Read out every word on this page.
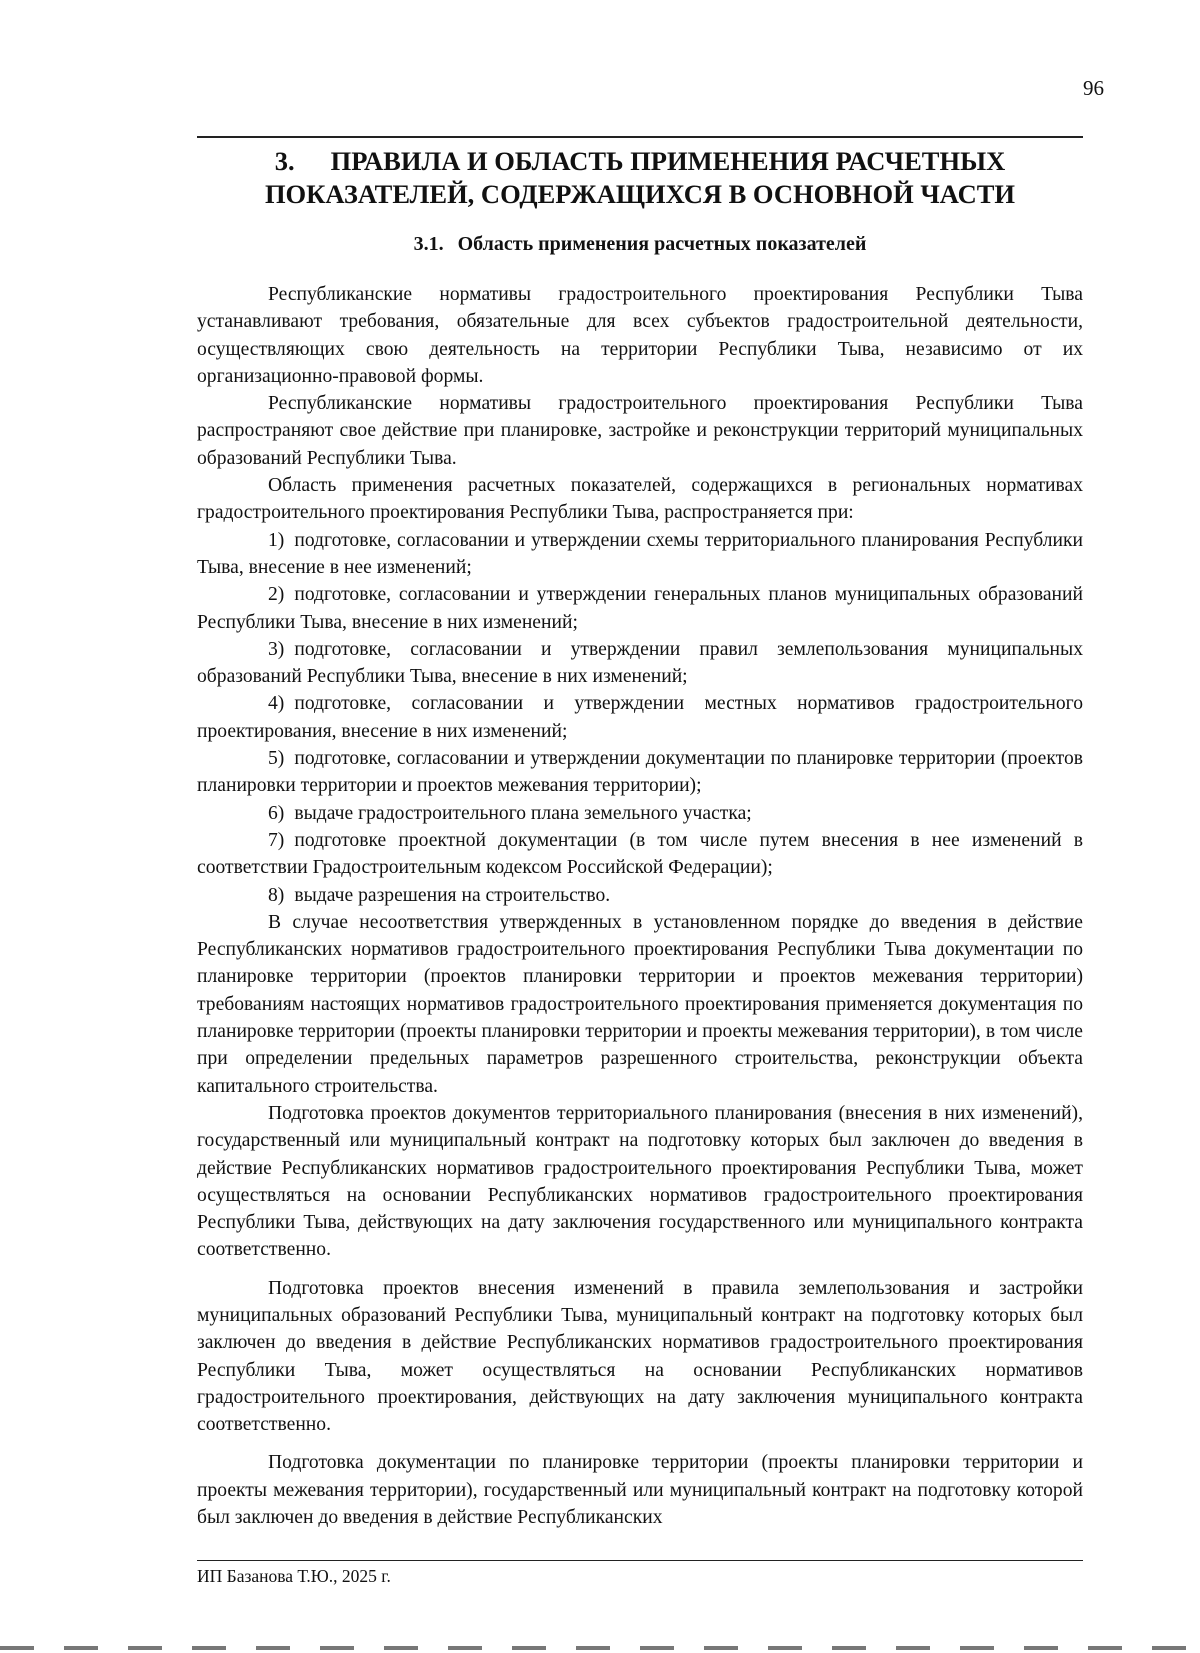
96
3. ПРАВИЛА И ОБЛАСТЬ ПРИМЕНЕНИЯ РАСЧЕТНЫХ ПОКАЗАТЕЛЕЙ, СОДЕРЖАЩИХСЯ В ОСНОВНОЙ ЧАСТИ
3.1. Область применения расчетных показателей

Республиканские нормативы градостроительного проектирования Республики Тыва устанавливают требования, обязательные для всех субъектов градостроительной деятельности, осуществляющих свою деятельность на территории Республики Тыва, независимо от их организационно-правовой формы.

Республиканские нормативы градостроительного проектирования Республики Тыва распространяют свое действие при планировке, застройке и реконструкции территорий муниципальных образований Республики Тыва.

Область применения расчетных показателей, содержащихся в региональных нормативах градостроительного проектирования Республики Тыва, распространяется при:

1) подготовке, согласовании и утверждении схемы территориального планирования Республики Тыва, внесение в нее изменений;

2) подготовке, согласовании и утверждении генеральных планов муниципальных образований Республики Тыва, внесение в них изменений;

3) подготовке, согласовании и утверждении правил землепользования муниципальных образований Республики Тыва, внесение в них изменений;

4) подготовке, согласовании и утверждении местных нормативов градостроительного проектирования, внесение в них изменений;

5) подготовке, согласовании и утверждении документации по планировке территории (проектов планировки территории и проектов межевания территории);

6) выдаче градостроительного плана земельного участка;

7) подготовке проектной документации (в том числе путем внесения в нее изменений в соответствии Градостроительным кодексом Российской Федерации);

8) выдаче разрешения на строительство.

В случае несоответствия утвержденных в установленном порядке до введения в действие Республиканских нормативов градостроительного проектирования Республики Тыва документации по планировке территории (проектов планировки территории и проектов межевания территории) требованиям настоящих нормативов градостроительного проектирования применяется документация по планировке территории (проекты планировки территории и проекты межевания территории), в том числе при определении предельных параметров разрешенного строительства, реконструкции объекта капитального строительства.

Подготовка проектов документов территориального планирования (внесения в них изменений), государственный или муниципальный контракт на подготовку которых был заключен до введения в действие Республиканских нормативов градостроительного проектирования Республики Тыва, может осуществляться на основании Республиканских нормативов градостроительного проектирования Республики Тыва, действующих на дату заключения государственного или муниципального контракта соответственно.

Подготовка проектов внесения изменений в правила землепользования и застройки муниципальных образований Республики Тыва, муниципальный контракт на подготовку которых был заключен до введения в действие Республиканских нормативов градостроительного проектирования Республики Тыва, может осуществляться на основании Республиканских нормативов градостроительного проектирования, действующих на дату заключения муниципального контракта соответственно.

Подготовка документации по планировке территории (проекты планировки территории и проекты межевания территории), государственный или муниципальный контракт на подготовку которой был заключен до введения в действие Республиканских

ИП Базанова Т.Ю., 2025 г.
